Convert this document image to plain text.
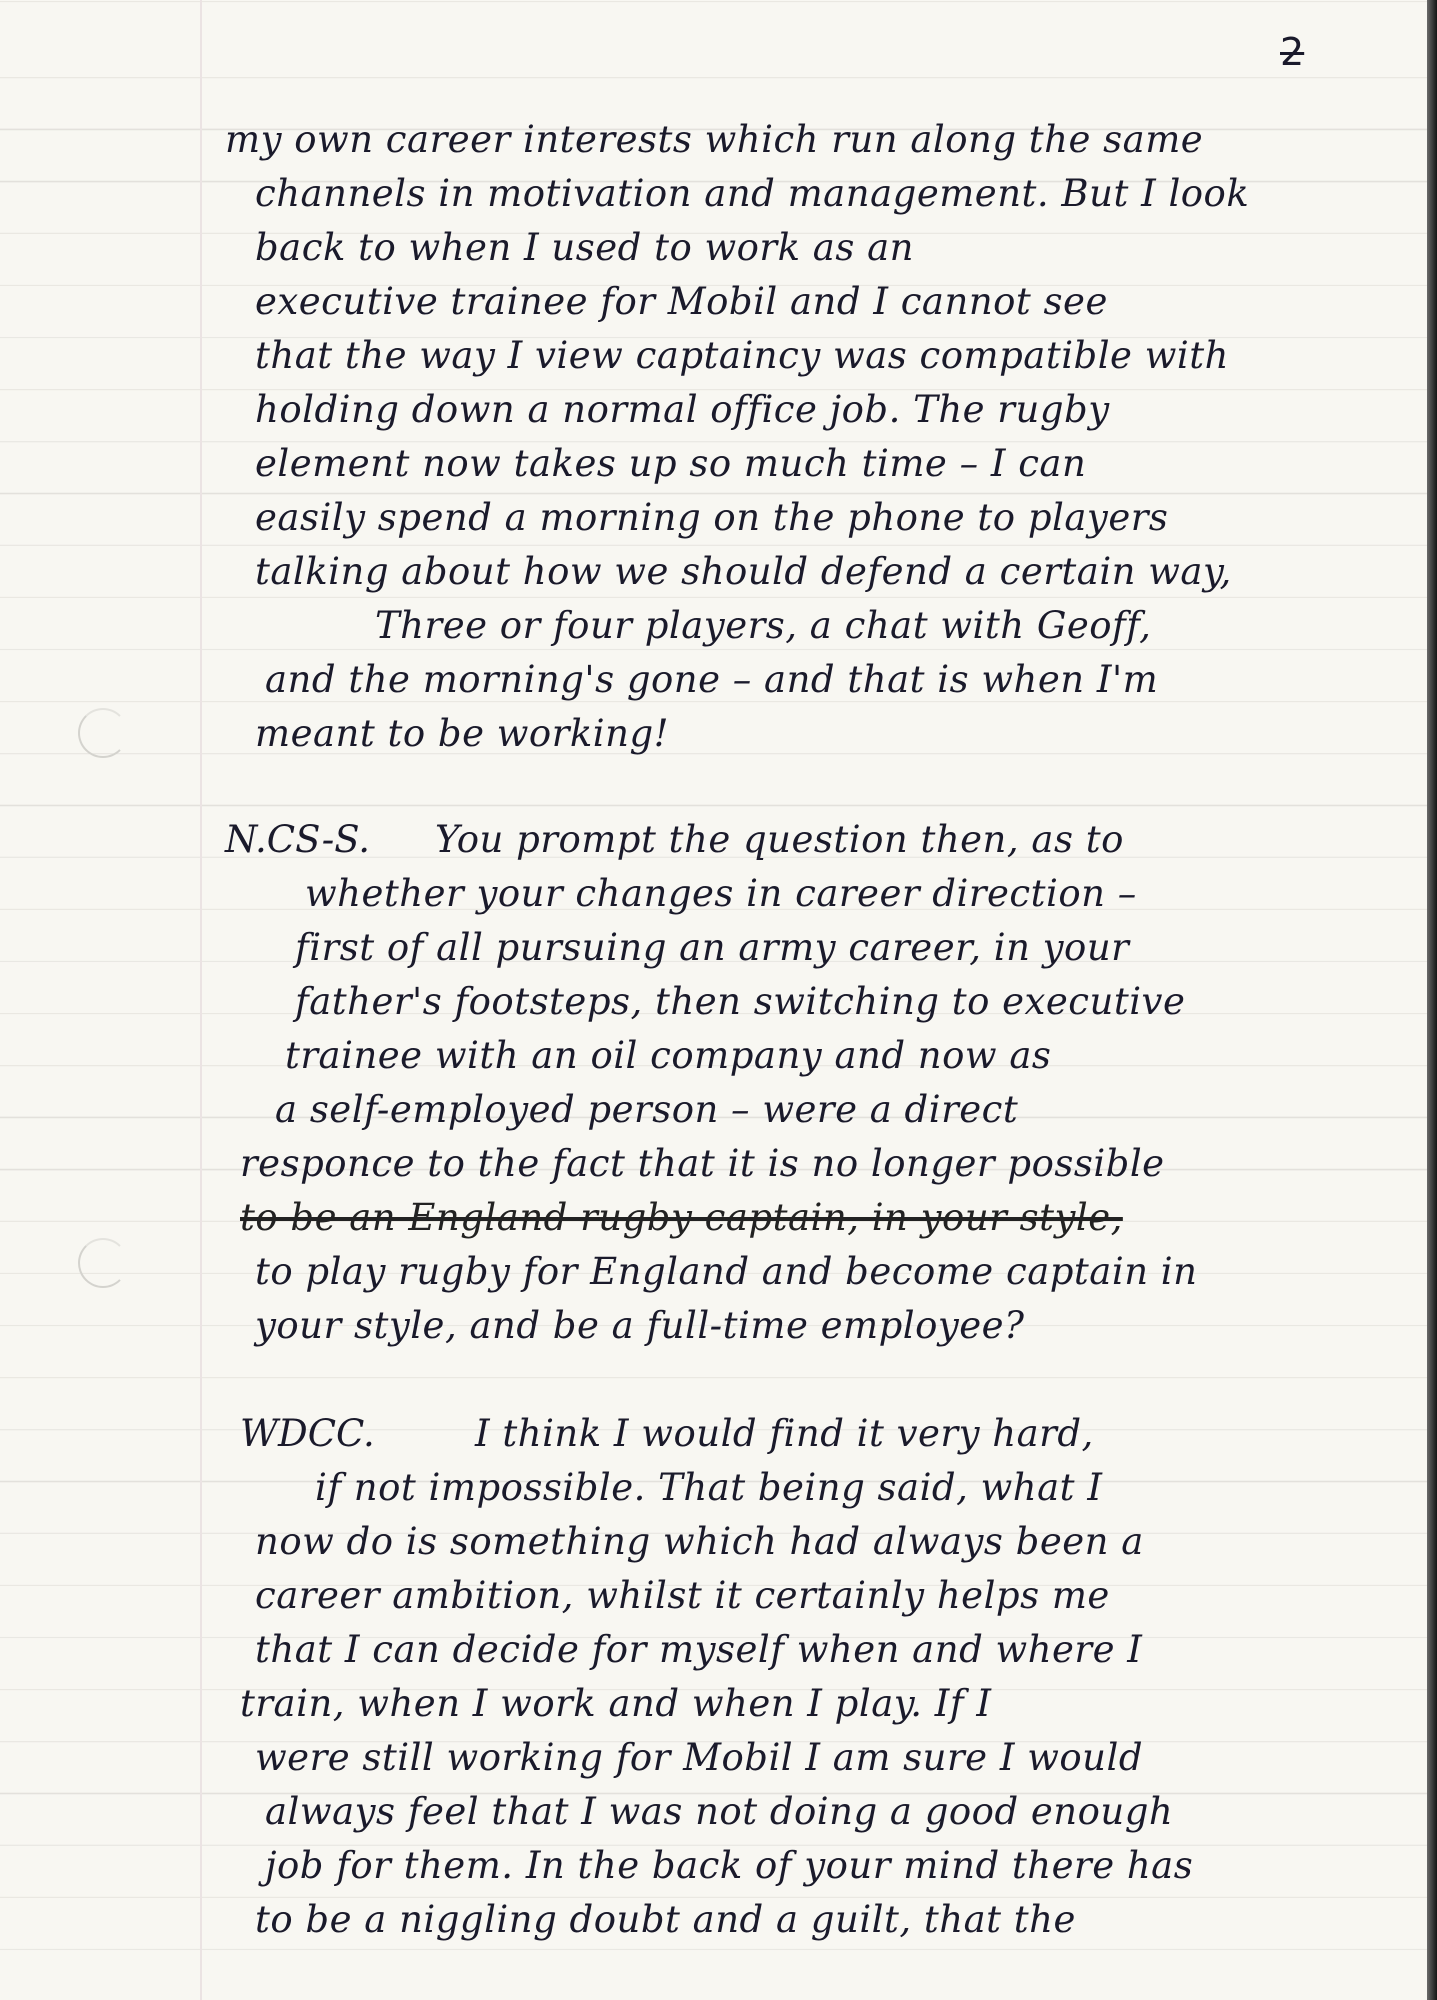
2
my own career interests which run along the same
channels in motivation and management. But I look
back to when I used to work as an
executive trainee for Mobil and I cannot see
that the way I view captaincy was compatible with
holding down a normal office job. The rugby
element now takes up so much time – I can
easily spend a morning on the phone to players
talking about how we should defend a certain way,
Three or four players, a chat with Geoff,
and the morning's gone – and that is when I'm
meant to be working!
N.CS-S. You prompt the question then, as to
whether your changes in career direction –
first of all pursuing an army career, in your
father's footsteps, then switching to executive
trainee with an oil company and now as
a self-employed person – were a direct
responce to the fact that it is no longer possible
to be an England rugby captain, in your style,
to play rugby for England and become captain in
your style, and be a full-time employee?
WDCC.	I think I would find it very hard,
if not impossible. That being said, what I
now do is something which had always been a
career ambition, whilst it certainly helps me
that I can decide for myself when and where I
train, when I work and when I play. If I
were still working for Mobil I am sure I would
always feel that I was not doing a good enough
job for them. In the back of your mind there has
to be a niggling doubt and a guilt, that the
